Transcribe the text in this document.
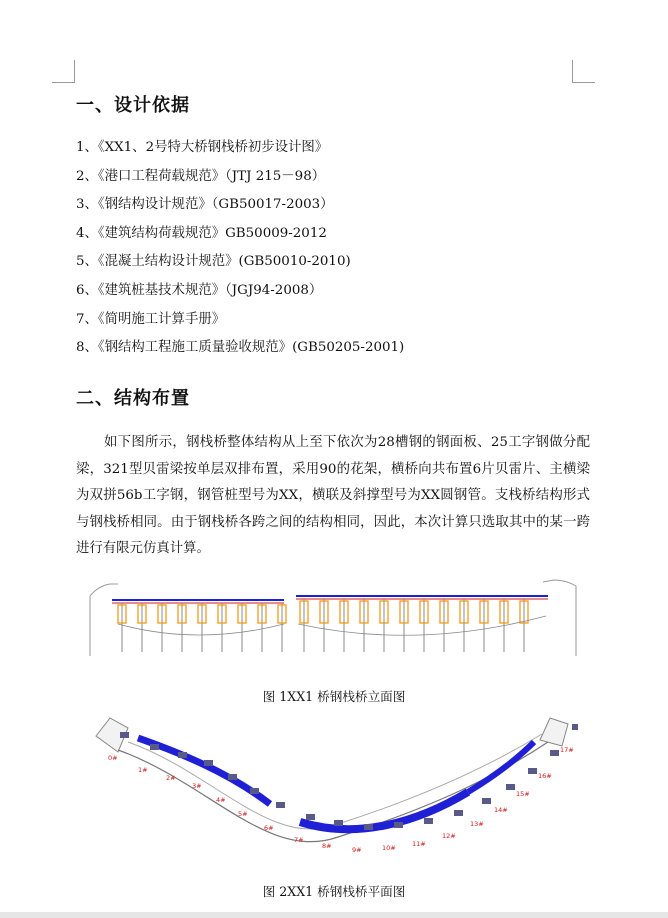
一、设计依据
1、《XX1、2号特大桥钢栈桥初步设计图》
2、《港口工程荷载规范》（JTJ 215－98）
3、《钢结构设计规范》（GB50017-2003）
4、《建筑结构荷载规范》GB50009-2012
5、《混凝土结构设计规范》(GB50010-2010)
6、《建筑桩基技术规范》（JGJ94-2008）
7、《简明施工计算手册》
8、《钢结构工程施工质量验收规范》(GB50205-2001)
二、结构布置

如下图所示，钢栈桥整体结构从上至下依次为28槽钢的钢面板、25工字钢做分配梁，321型贝雷梁按单层双排布置，采用90的花架，横桥向共布置6片贝雷片、主横梁为双拼56b工字钢，钢管桩型号为XX，横联及斜撑型号为XX圆钢管。支栈桥结构形式与钢栈桥相同。由于钢栈桥各跨之间的结构相同，因此，本次计算只选取其中的某一跨进行有限元仿真计算。

图 1XX1 桥钢栈桥立面图

0#
1#
2#
3#
4#
5#
6#
7#
8#	9#	10#	11#
12#
13#
14#
15#
16#
17#

图 2XX1 桥钢栈桥平面图
